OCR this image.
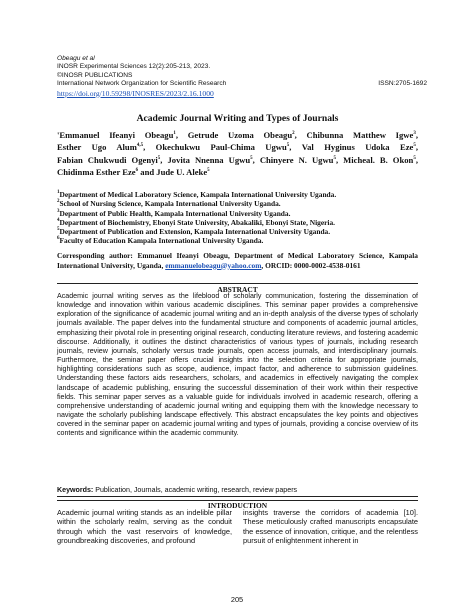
Obeagu et al
INOSR Experimental Sciences 12(2):205-213, 2023.
©INOSR PUBLICATIONS
International Network Organization for Scientific Research	ISSN:2705-1692
https://doi.org/10.59298/INOSRES/2023/2.16.1000
Academic Journal Writing and Types of Journals
'Emmanuel Ifeanyi Obeagu$^1$, Getrude Uzoma Obeagu$^2$, Chibunna Matthew Igwe$^3$, Esther Ugo Alum$^{4,5}$, Okechukwu Paul-Chima Ugwu$^5$, Val Hyginus Udoka Eze$^5$, Fabian Chukwudi Ogenyi$^5$, Jovita Nnenna Ugwu$^5$, Chinyere N. Ugwu$^5$, Micheal. B. Okon$^5$, Chidinma Esther Eze$^6$ and Jude U. Aleke$^5$
$^1$Department of Medical Laboratory Science, Kampala International University Uganda.
$^2$School of Nursing Science, Kampala International University Uganda.
$^3$Department of Public Health, Kampala International University Uganda.
$^4$Department of Biochemistry, Ebonyi State University, Abakaliki, Ebonyi State, Nigeria.
$^5$Department of Publication and Extension, Kampala International University Uganda.
$^6$Faculty of Education Kampala International University Uganda.
Corresponding author: Emmanuel Ifeanyi Obeagu, Department of Medical Laboratory Science, Kampala International University, Uganda, emmanuelobeagu@yahoo.com, ORCID: 0000-0002-4538-0161
ABSTRACT
Academic journal writing serves as the lifeblood of scholarly communication, fostering the dissemination of knowledge and innovation within various academic disciplines. This seminar paper provides a comprehensive exploration of the significance of academic journal writing and an in-depth analysis of the diverse types of scholarly journals available. The paper delves into the fundamental structure and components of academic journal articles, emphasizing their pivotal role in presenting original research, conducting literature reviews, and fostering academic discourse. Additionally, it outlines the distinct characteristics of various types of journals, including research journals, review journals, scholarly versus trade journals, open access journals, and interdisciplinary journals. Furthermore, the seminar paper offers crucial insights into the selection criteria for appropriate journals, highlighting considerations such as scope, audience, impact factor, and adherence to submission guidelines. Understanding these factors aids researchers, scholars, and academics in effectively navigating the complex landscape of academic publishing, ensuring the successful dissemination of their work within their respective fields. This seminar paper serves as a valuable guide for individuals involved in academic research, offering a comprehensive understanding of academic journal writing and equipping them with the knowledge necessary to navigate the scholarly publishing landscape effectively. This abstract encapsulates the key points and objectives covered in the seminar paper on academic journal writing and types of journals, providing a concise overview of its contents and significance within the academic community.
Keywords: Publication, Journals, academic writing, research, review papers
INTRODUCTION
Academic journal writing stands as an indelible pillar within the scholarly realm, serving as the conduit through which the vast reservoirs of knowledge, groundbreaking discoveries, and profound
insights traverse the corridors of academia [10]. These meticulously crafted manuscripts encapsulate the essence of innovation, critique, and the relentless pursuit of enlightenment inherent in
205
